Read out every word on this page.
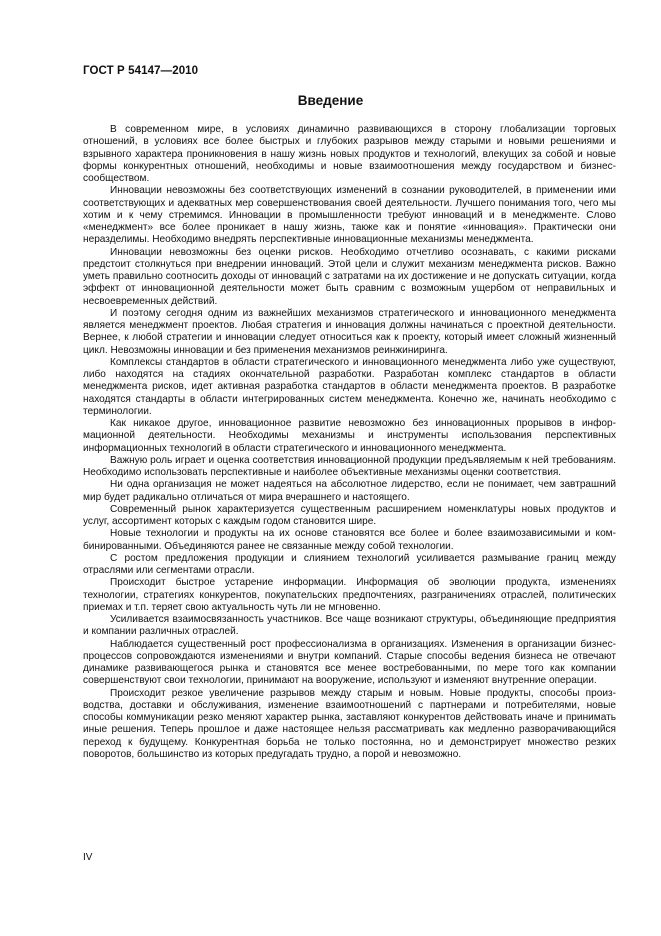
ГОСТ Р 54147—2010
Введение

В современном мире, в условиях динамично развивающихся в сторону глобализации торговых отношений, в условиях все более быстрых и глубоких разрывов между старыми и новыми решениями и взрывного характера проникновения в нашу жизнь новых продуктов и технологий, влекущих за собой и новые формы конкурентных отношений, необходимы и новые взаимоотношения между государством и бизнес-сообществом.

Инновации невозможны без соответствующих изменений в сознании руководителей, в применении ими соответствующих и адекватных мер совершенствования своей деятельности. Лучшего понимания того, чего мы хотим и к чему стремимся. Инновации в промышленности требуют инноваций и в менеджменте. Слово «менеджмент» все более проникает в нашу жизнь, также как и понятие «инновация». Практически они неразделимы. Необходимо внедрять перспективные инновационные механизмы менеджмента.

Инновации невозможны без оценки рисков. Необходимо отчетливо осознавать, с какими рисками предстоит столкнуться при внедрении инноваций. Этой цели и служит механизм менеджмента рисков. Важно уметь правильно соотносить доходы от инноваций с затратами на их достижение и не допускать ситуации, когда эффект от инновационной деятельности может быть сравним с возможным ущербом от неправильных и несвоевременных действий.

И поэтому сегодня одним из важнейших механизмов стратегического и инновационного менеджмента является менеджмент проектов. Любая стратегия и инновация должны начинаться с проектной деятельности. Вернее, к любой стратегии и инновации следует относиться как к проекту, который имеет сложный жизненный цикл. Невозможны инновации и без применения механизмов реинжиниринга.

Комплексы стандартов в области стратегического и инновационного менеджмента либо уже существуют, либо находятся на стадиях окончательной разработки. Разработан комплекс стандартов в области менеджмента рисков, идет активная разработка стандартов в области менеджмента проектов. В разработке находятся стандарты в области интегрированных систем менеджмента. Конечно же, начинать необходимо с терминологии.

Как никакое другое, инновационное развитие невозможно без инновационных прорывов в информационной деятельности. Необходимы механизмы и инструменты использования перспективных информационных технологий в области стратегического и инновационного менеджмента.

Важную роль играет и оценка соответствия инновационной продукции предъявляемым к ней требованиям. Необходимо использовать перспективные и наиболее объективные механизмы оценки соответствия.

Ни одна организация не может надеяться на абсолютное лидерство, если не понимает, чем завтрашний мир будет радикально отличаться от мира вчерашнего и настоящего.

Современный рынок характеризуется существенным расширением номенклатуры новых продуктов и услуг, ассортимент которых с каждым годом становится шире.

Новые технологии и продукты на их основе становятся все более и более взаимозависимыми и комбинированными. Объединяются ранее не связанные между собой технологии.

С ростом предложения продукции и слиянием технологий усиливается размывание границ между отраслями или сегментами отрасли.

Происходит быстрое устарение информации. Информация об эволюции продукта, изменениях технологии, стратегиях конкурентов, покупательских предпочтениях, разграничениях отраслей, политических приемах и т.п. теряет свою актуальность чуть ли не мгновенно.

Усиливается взаимосвязанность участников. Все чаще возникают структуры, объединяющие предприятия и компании различных отраслей.

Наблюдается существенный рост профессионализма в организациях. Изменения в организации бизнес-процессов сопровождаются изменениями и внутри компаний. Старые способы ведения бизнеса не отвечают динамике развивающегося рынка и становятся все менее востребованными, по мере того как компании совершенствуют свои технологии, принимают на вооружение, используют и изменяют внутренние операции.

Происходит резкое увеличение разрывов между старым и новым. Новые продукты, способы производства, доставки и обслуживания, изменение взаимоотношений с партнерами и потребителями, новые способы коммуникации резко меняют характер рынка, заставляют конкурентов действовать иначе и принимать иные решения. Теперь прошлое и даже настоящее нельзя рассматривать как медленно разворачивающийся переход к будущему. Конкурентная борьба не только постоянна, но и демонстрирует множество резких поворотов, большинство из которых предугадать трудно, а порой и невозможно.

IV
